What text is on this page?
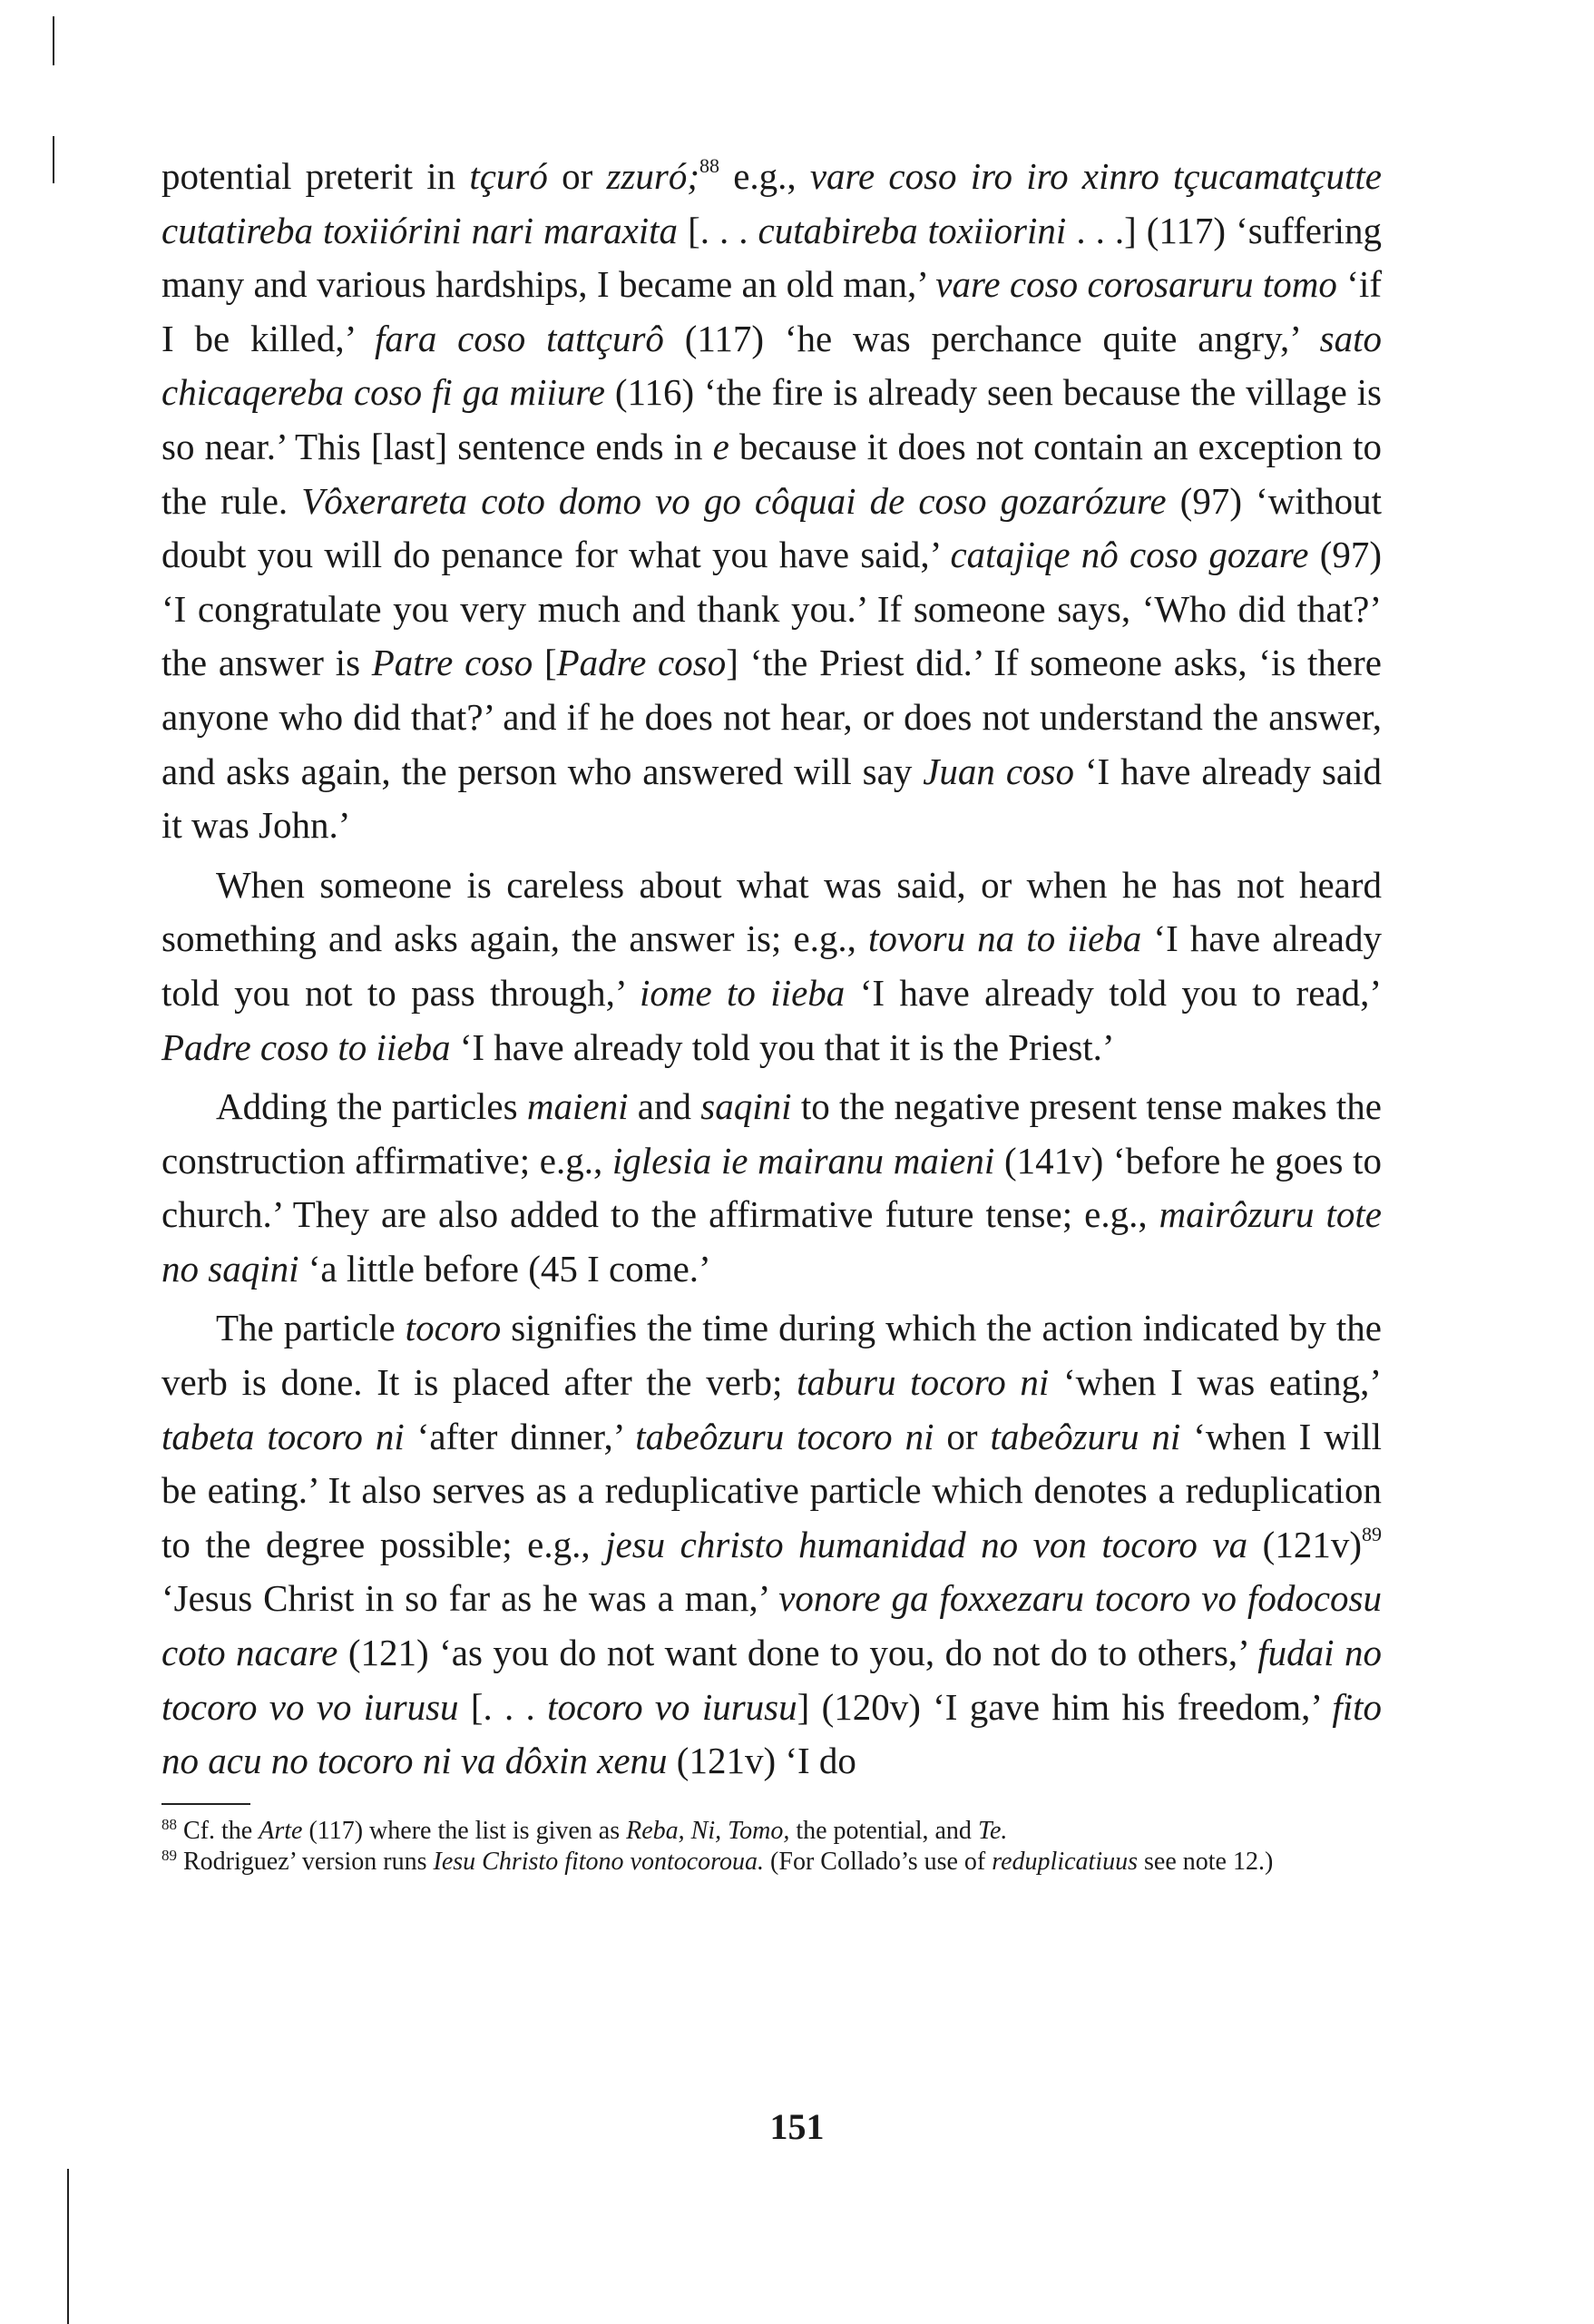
potential preterit in tçuró or zzuró;$^{88}$ e.g., vare coso iro iro xinro tçucamatçutte cutatireba toxiiórini nari maraxita [. . . cutabireba toxiiorini . . .] (117) ‘suffering many and various hardships, I became an old man,’ vare coso corosaruru tomo ‘if I be killed,’ fara coso tattçurô (117) ‘he was perchance quite angry,’ sato chicaqereba coso fi ga miiure (116) ‘the fire is already seen because the village is so near.’ This [last] sentence ends in e because it does not contain an exception to the rule. Vôxerareta coto domo vo go côquai de coso gozarózure (97) ‘without doubt you will do penance for what you have said,’ catajiqe nô coso gozare (97) ‘I congratulate you very much and thank you.’ If someone says, ‘Who did that?’ the answer is Patre coso [Padre coso] ‘the Priest did.’ If someone asks, ‘is there anyone who did that?’ and if he does not hear, or does not understand the answer, and asks again, the person who answered will say Juan coso ‘I have already said it was John.’

When someone is careless about what was said, or when he has not heard something and asks again, the answer is; e.g., tovoru na to iieba ‘I have already told you not to pass through,’ iome to iieba ‘I have already told you to read,’ Padre coso to iieba ‘I have already told you that it is the Priest.’

Adding the particles maieni and saqini to the negative present tense makes the construction affirmative; e.g., iglesia ie mairanu maieni (141v) ‘before he goes to church.’ They are also added to the affirmative future tense; e.g., mairôzuru tote no saqini ‘a little before (45 I come.’

The particle tocoro signifies the time during which the action indicated by the verb is done. It is placed after the verb; taburu tocoro ni ‘when I was eating,’ tabeta tocoro ni ‘after dinner,’ tabeôzuru tocoro ni or tabeôzuru ni ‘when I will be eating.’ It also serves as a reduplicative particle which denotes a reduplication to the degree possible; e.g., jesu christo humanidad no von tocoro va (121v)$^{89}$ ‘Jesus Christ in so far as he was a man,’ vonore ga foxxezaru tocoro vo fodocosu coto nacare (121) ‘as you do not want done to you, do not do to others,’ fudai no tocoro vo vo iurusu [. . . tocoro vo iurusu] (120v) ‘I gave him his freedom,’ fito no acu no tocoro ni va dôxin xenu (121v) ‘I do

$^{88}$ Cf. the Arte (117) where the list is given as Reba, Ni, Tomo, the potential, and Te.

$^{89}$ Rodriguez’ version runs Iesu Christo fitono vontocoroua. (For Collado’s use of reduplicatiuus see note 12.)

151
